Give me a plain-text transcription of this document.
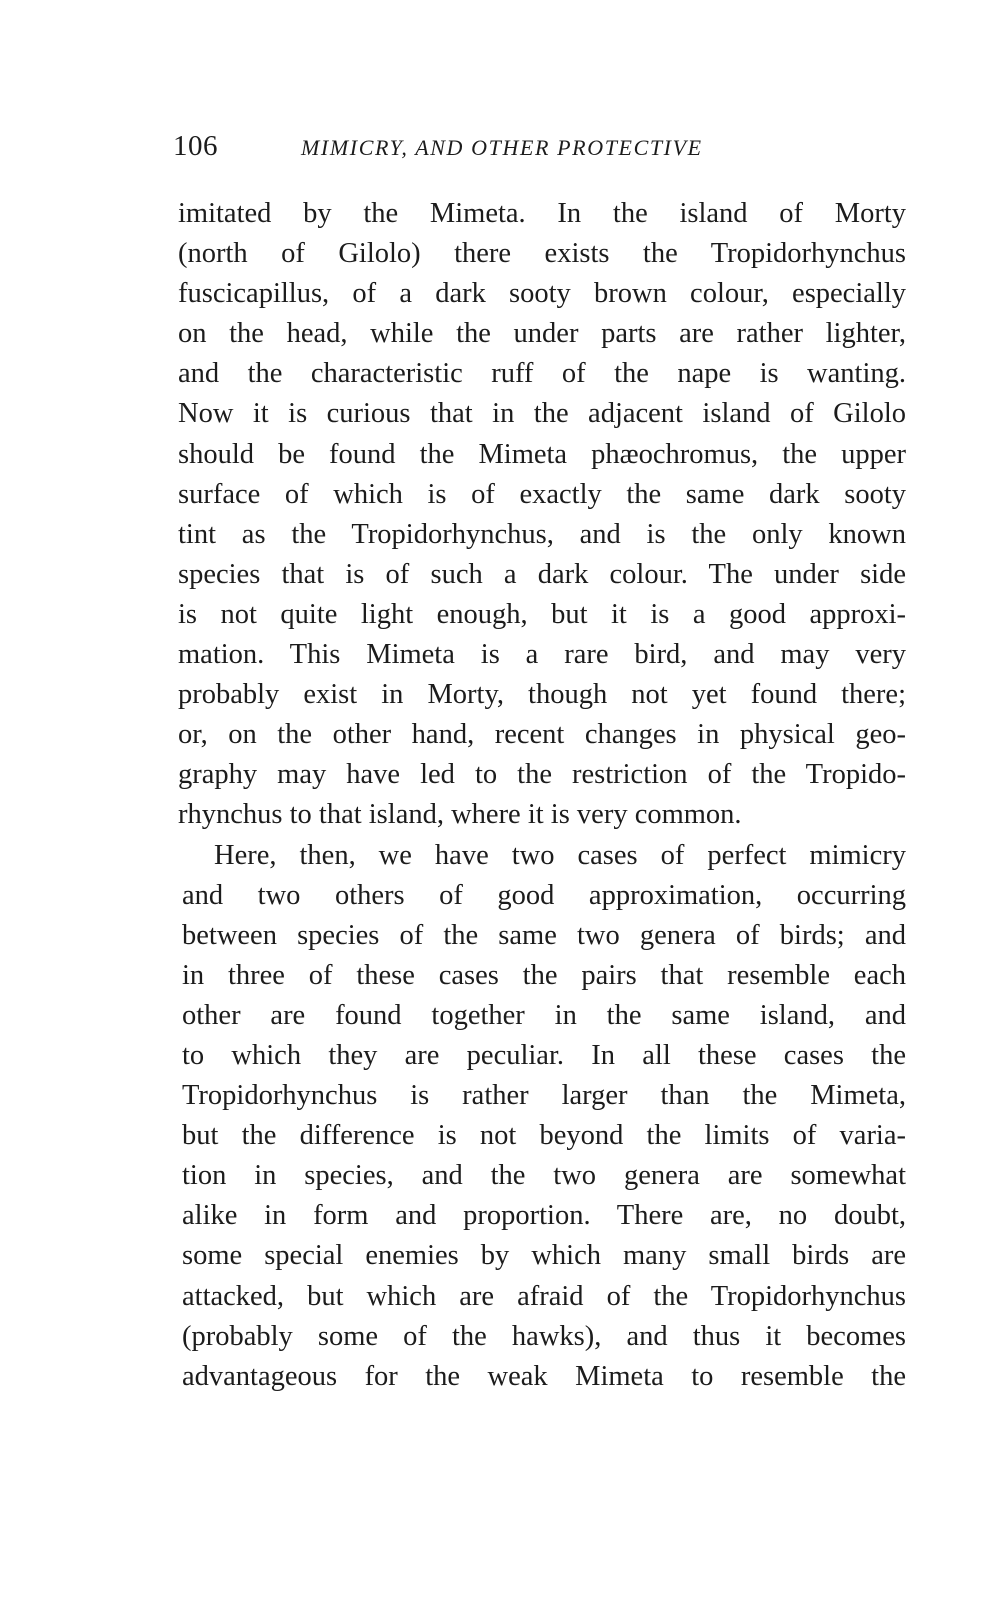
106	MIMICRY, AND OTHER PROTECTIVE
imitated by the Mimeta. In the island of Morty
(north of Gilolo) there exists the Tropidorhynchus
fuscicapillus, of a dark sooty brown colour, especially
on the head, while the under parts are rather lighter,
and the characteristic ruff of the nape is wanting.
Now it is curious that in the adjacent island of Gilolo
should be found the Mimeta phæochromus, the upper
surface of which is of exactly the same dark sooty
tint as the Tropidorhynchus, and is the only known
species that is of such a dark colour. The under side
is not quite light enough, but it is a good approxi-
mation. This Mimeta is a rare bird, and may very
probably exist in Morty, though not yet found there;
or, on the other hand, recent changes in physical geo-
graphy may have led to the restriction of the Tropido-
rhynchus to that island, where it is very common.
Here, then, we have two cases of perfect mimicry
and two others of good approximation, occurring
between species of the same two genera of birds; and
in three of these cases the pairs that resemble each
other are found together in the same island, and
to which they are peculiar. In all these cases the
Tropidorhynchus is rather larger than the Mimeta,
but the difference is not beyond the limits of varia-
tion in species, and the two genera are somewhat
alike in form and proportion. There are, no doubt,
some special enemies by which many small birds are
attacked, but which are afraid of the Tropidorhynchus
(probably some of the hawks), and thus it becomes
advantageous for the weak Mimeta to resemble the
